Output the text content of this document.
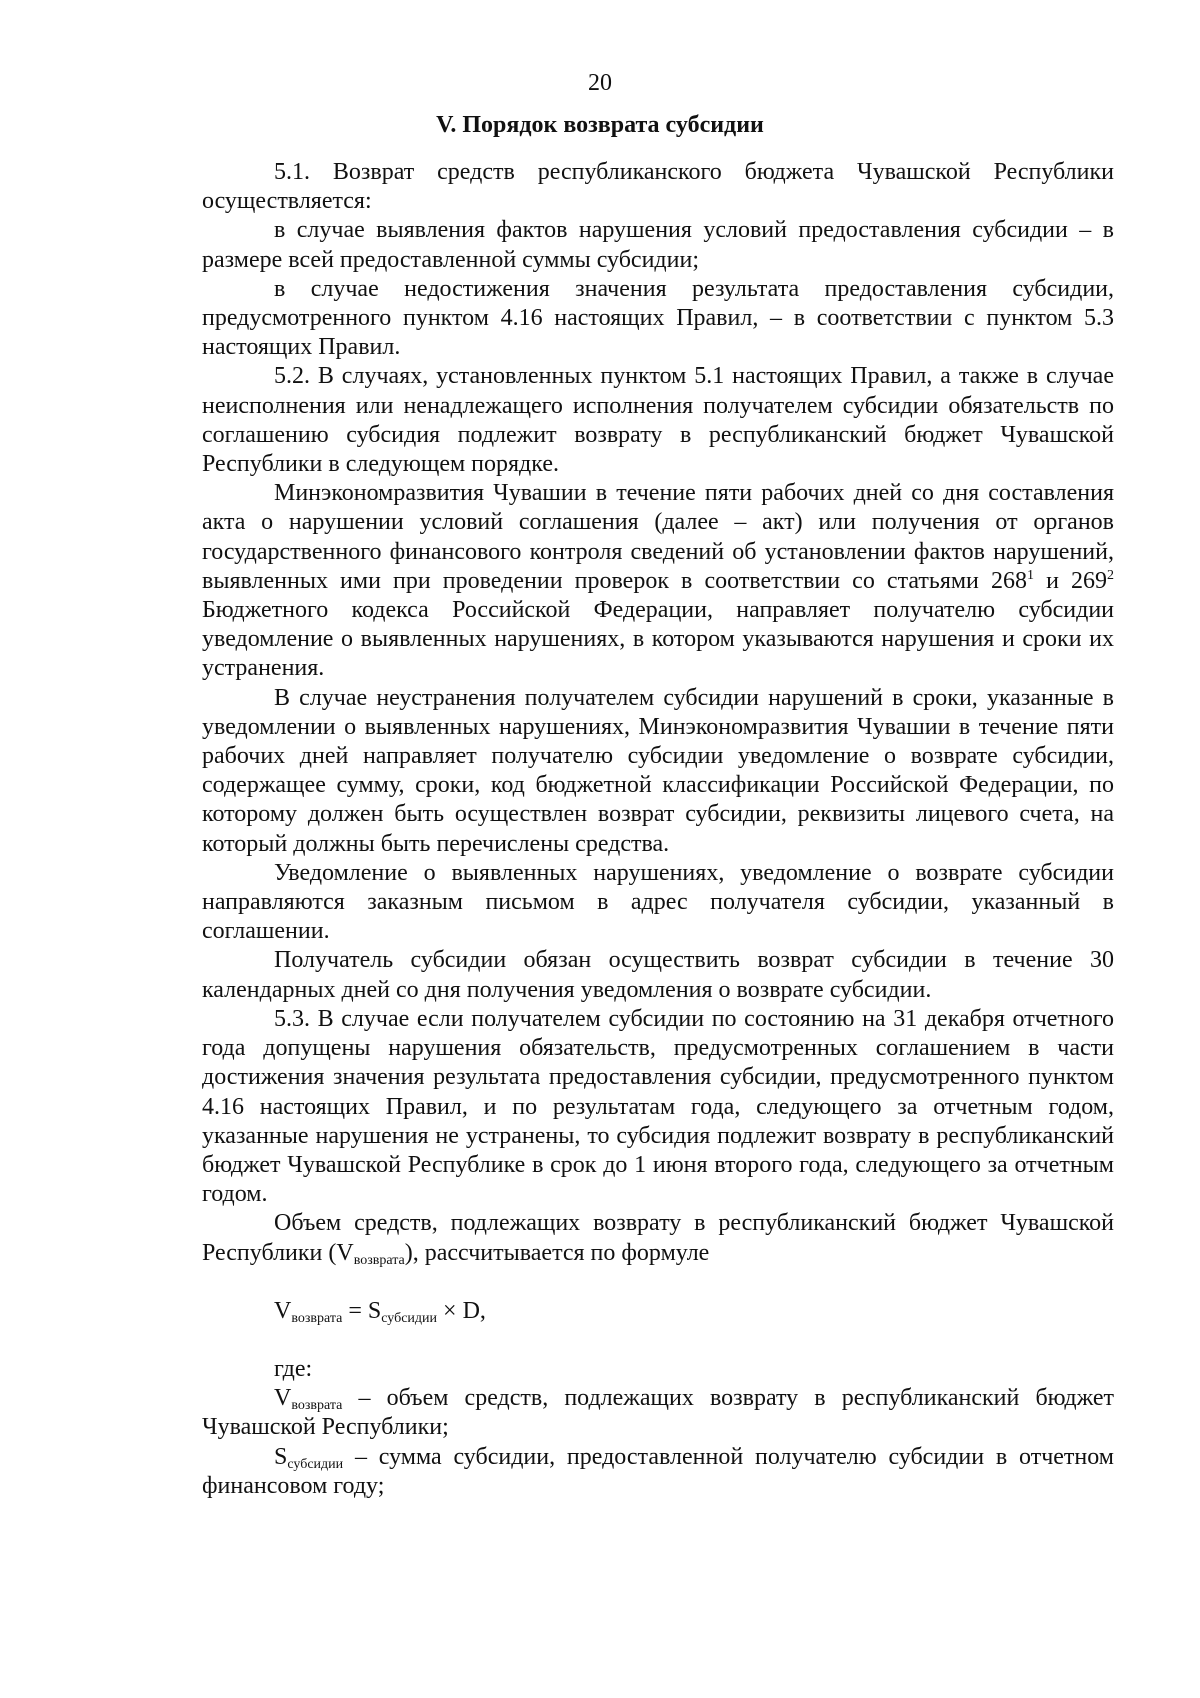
20
V. Порядок возврата субсидии

5.1. Возврат средств республиканского бюджета Чувашской Республики осуществляется:

в случае выявления фактов нарушения условий предоставления субсидии – в размере всей предоставленной суммы субсидии;

в случае недостижения значения результата предоставления субсидии, предусмотренного пунктом 4.16 настоящих Правил, – в соответствии с пунктом 5.3 настоящих Правил.

5.2. В случаях, установленных пунктом 5.1 настоящих Правил, а также в случае неисполнения или ненадлежащего исполнения получателем субсидии обязательств по соглашению субсидия подлежит возврату в республиканский бюджет Чувашской Республики в следующем порядке.

Минэкономразвития Чувашии в течение пяти рабочих дней со дня составления акта о нарушении условий соглашения (далее – акт) или получения от органов государственного финансового контроля сведений об установлении фактов нарушений, выявленных ими при проведении проверок в соответствии со статьями $268^1$ и $269^2$ Бюджетного кодекса Российской Федерации, направляет получателю субсидии уведомление о выявленных нарушениях, в котором указываются нарушения и сроки их устранения.

В случае неустранения получателем субсидии нарушений в сроки, указанные в уведомлении о выявленных нарушениях, Минэкономразвития Чувашии в течение пяти рабочих дней направляет получателю субсидии уведомление о возврате субсидии, содержащее сумму, сроки, код бюджетной классификации Российской Федерации, по которому должен быть осуществлен возврат субсидии, реквизиты лицевого счета, на который должны быть перечислены средства.

Уведомление о выявленных нарушениях, уведомление о возврате субсидии направляются заказным письмом в адрес получателя субсидии, указанный в соглашении.

Получатель субсидии обязан осуществить возврат субсидии в течение 30 календарных дней со дня получения уведомления о возврате субсидии.

5.3. В случае если получателем субсидии по состоянию на 31 декабря отчетного года допущены нарушения обязательств, предусмотренных соглашением в части достижения значения результата предоставления субсидии, предусмотренного пунктом 4.16 настоящих Правил, и по результатам года, следующего за отчетным годом, указанные нарушения не устранены, то субсидия подлежит возврату в республиканский бюджет Чувашской Республике в срок до 1 июня второго года, следующего за отчетным годом.

Объем средств, подлежащих возврату в республиканский бюджет Чувашской Республики $(V_{возврата})$, рассчитывается по формуле

$V_{возврата} = S_{субсидии} \times D$,

где:

$V_{возврата}$ – объем средств, подлежащих возврату в республиканский бюджет Чувашской Республики;

$S_{субсидии}$ – сумма субсидии, предоставленной получателю субсидии в отчетном финансовом году;
